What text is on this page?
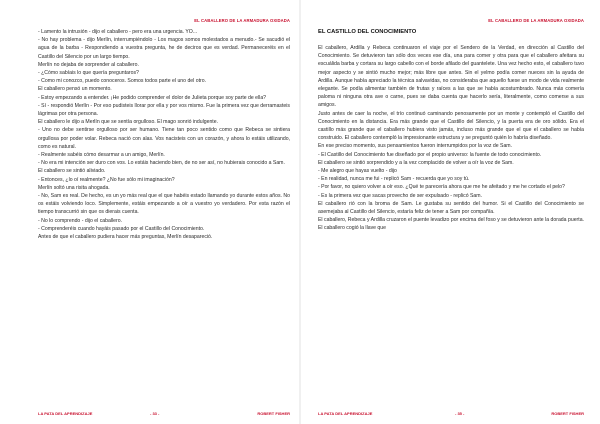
EL CABALLERO DE LA ARMADURA OXIDADA

- Lamento la intrusión - dijo el caballero - pero era una urgencia. YO...

- No hay problema - dijo Merlín, interrumpiéndolo - Los magos somos molestados a menudo.- Se sacudió el agua de la barba - Respondiendo a vuestra pregunta, he de deciros que es verdad. Permaneceréis en el Castillo del Silencio por un largo tiempo.

Merlín no dejaba de sorprender al caballero.

- ¿Cómo sabíais lo que quería preguntaros?

- Como mi conozco, puedo conoceros. Somos todos parte el uno del otro.

El caballero pensó un momento.

- Estoy empezando a entender. ¡He podido comprender el dolor de Julieta porque soy parte de ella?

- Sí - respondió Merlín - Por eso pudisteis llorar por ella y por vos mismo. Fue la primera vez que derramasteis lágrimas por otra persona.

El caballero le dijo a Merlín que se sentía orgulloso. El mago sonrió indulgente.

- Uno no debe sentirse orgulloso por ser humano. Tiene tan poco sentido como que Rebeca se sintiera orgullosa por poder volar. Rebeca nació con alas. Vos nacisteis con un corazón, y ahora lo estáis utilizando, como es natural.

- Realmente sabéis cómo desarmar a un amigo, Merlín.

- No era mi intención ser duro con vos. Lo estáis haciendo bien, de no ser así, no hubierais conocido a Sam.

El caballero se sintió aliviado.

- Entonces, ¿lo oí realmente? ¿No fue sólo mi imaginación?

Merlín soltó una risita ahogada.

- No, Sam es real. De hecho, es un yo más real que el que habéis estado llamando yo durante estos años. No os estáis volviendo loco. Simplemente, estáis empezando a oír a vuestro yo verdadero. Por esta razón el tiempo transcurrió sin que os dierais cuenta.

- No lo comprendo - dijo el caballero.

- Comprenderéis cuando hayáis pasado por el Castillo del Conocimiento.

Antes de que el caballero pudiera hacer más preguntas, Merlín desapareció.

LA PATA DEL APRENDIZAJE	- 33 -	ROBERT FISHER
EL CABALLERO DE LA ARMADURA OXIDADA
EL CASTILLO DEL CONOCIMIENTO

El caballero, Ardilla y Rebeca continuaron el viaje por el Sendero de la Verdad, en dirección al Castillo del Conocimiento. Se detuvieron tan sólo dos veces ese día, una para comer y otra para que el caballero afeitara su escuálida barba y cortara su largo cabello con el borde afilado del guantelete. Una vez hecho esto, el caballero tuvo mejor aspecto y se sintió mucho mejor; más libre que antes. Sin el yelmo podía comer nueces sin la ayuda de Ardilla. Aunque había apreciado la técnica salvavidas, no consideraba que aquello fuese un modo de vida realmente elegante. Se podía alimentar también de frutas y raíces a las que se había acostumbrado. Nunca más comería paloma ni ninguna otra ave o carne, pues se daba cuenta que hacerlo sería, literalmente, como comerse a sus amigos.

Justo antes de caer la noche, el trío continuó caminando penosamente por un monte y contempló el Castillo del Conocimiento en la distancia. Era más grande que el Castillo del Silencio, y la puerta era de oro sólido. Era el castillo más grande que el caballero hubiera visto jamás, incluso más grande que el que el caballero se había construido. El caballero contempló la impresionante estructura y se preguntó quién lo habría diseñado.

En ese preciso momento, sus pensamientos fueron interrumpidos por la voz de Sam.

- El Castillo del Conocimiento fue diseñado por el propio universo: la fuente de todo conocimiento.

El caballero se sintió sorprendido y a la vez complacido de volver a oír la voz de Sam.

- Me alegro que hayas vuelto - dijo

- En realidad, nunca me fui - replicó Sam - recuerda que yo soy tú.

- Por favor, no quiero volver a oír eso. ¿Qué te parecería ahora que me he afeitado y me he cortado el pelo?

- Es la primera vez que sacas provecho de ser expulsado - replicó Sam.

El caballero rió con la broma de Sam. Le gustaba su sentido del humor. Si el Castillo del Conocimiento se asemejaba al Castillo del Silencio, estaría feliz de tener a Sam por compañía.

El caballero, Rebeca y Ardilla cruzaron el puente levadizo por encima del foso y se detuvieron ante la dorada puerta. El caballero cogió la llave que

LA PATA DEL APRENDIZAJE	- 35 -	ROBERT FISHER
